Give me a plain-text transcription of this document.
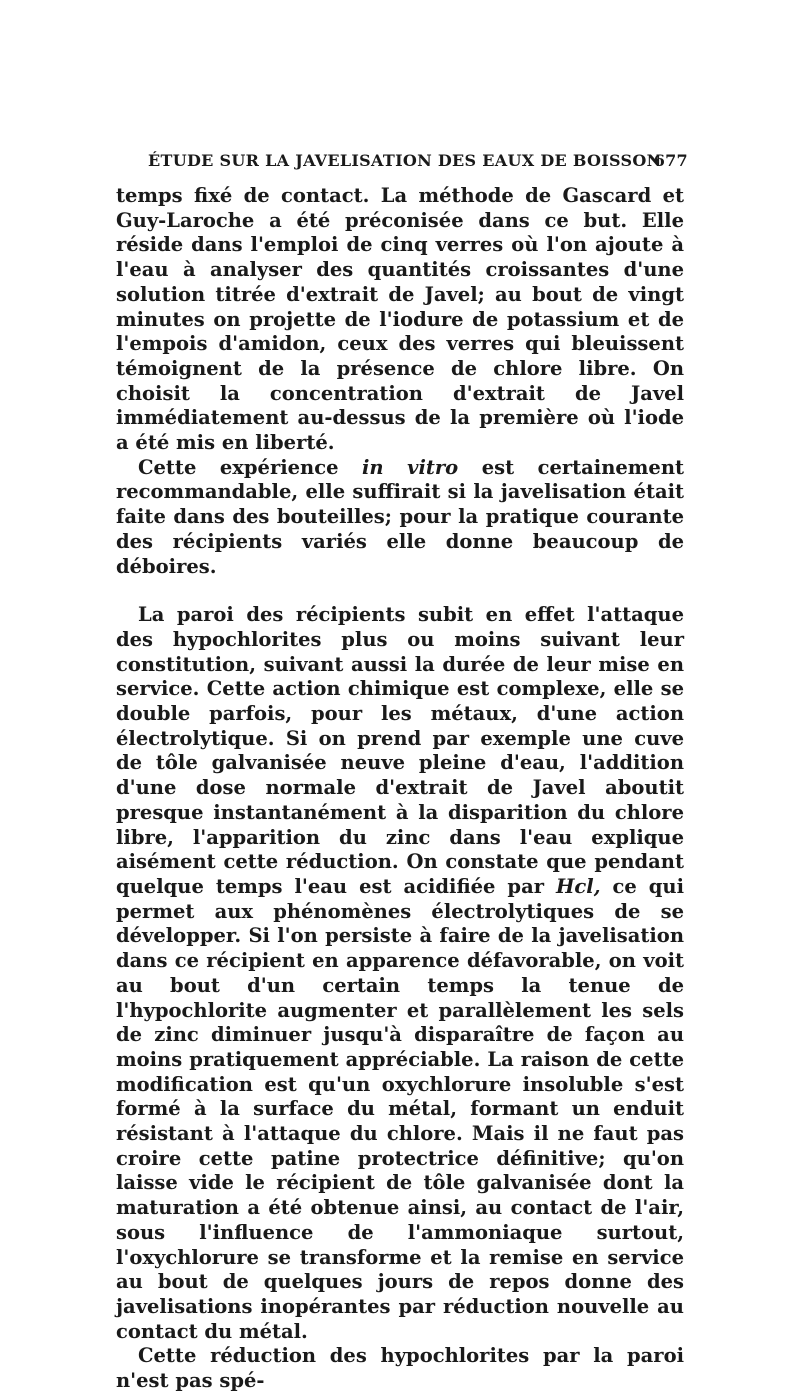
ÉTUDE SUR LA JAVELISATION DES EAUX DE BOISSON
677

temps fixé de contact. La méthode de Gascard et Guy-Laroche a été préconisée dans ce but. Elle réside dans l'emploi de cinq verres où l'on ajoute à l'eau à analyser des quantités croissantes d'une solution titrée d'extrait de Javel; au bout de vingt minutes on projette de l'iodure de potassium et de l'empois d'amidon, ceux des verres qui bleuissent témoignent de la présence de chlore libre. On choisit la concentration d'extrait de Javel immédiatement au-dessus de la première où l'iode a été mis en liberté.

Cette expérience in vitro est certainement recommandable, elle suffirait si la javelisation était faite dans des bouteilles; pour la pratique courante des récipients variés elle donne beaucoup de déboires.

La paroi des récipients subit en effet l'attaque des hypochlorites plus ou moins suivant leur constitution, suivant aussi la durée de leur mise en service. Cette action chimique est complexe, elle se double parfois, pour les métaux, d'une action électrolytique. Si on prend par exemple une cuve de tôle galvanisée neuve pleine d'eau, l'addition d'une dose normale d'extrait de Javel aboutit presque instantanément à la disparition du chlore libre, l'apparition du zinc dans l'eau explique aisément cette réduction. On constate que pendant quelque temps l'eau est acidifiée par Hcl, ce qui permet aux phénomènes électrolytiques de se développer. Si l'on persiste à faire de la javelisation dans ce récipient en apparence défavorable, on voit au bout d'un certain temps la tenue de l'hypochlorite augmenter et parallèlement les sels de zinc diminuer jusqu'à disparaître de façon au moins pratiquement appréciable. La raison de cette modification est qu'un oxychlorure insoluble s'est formé à la surface du métal, formant un enduit résistant à l'attaque du chlore. Mais il ne faut pas croire cette patine protectrice définitive; qu'on laisse vide le récipient de tôle galvanisée dont la maturation a été obtenue ainsi, au contact de l'air, sous l'influence de l'ammoniaque surtout, l'oxychlorure se transforme et la remise en service au bout de quelques jours de repos donne des javelisations inopérantes par réduction nouvelle au contact du métal.

Cette réduction des hypochlorites par la paroi n'est pas spé-
